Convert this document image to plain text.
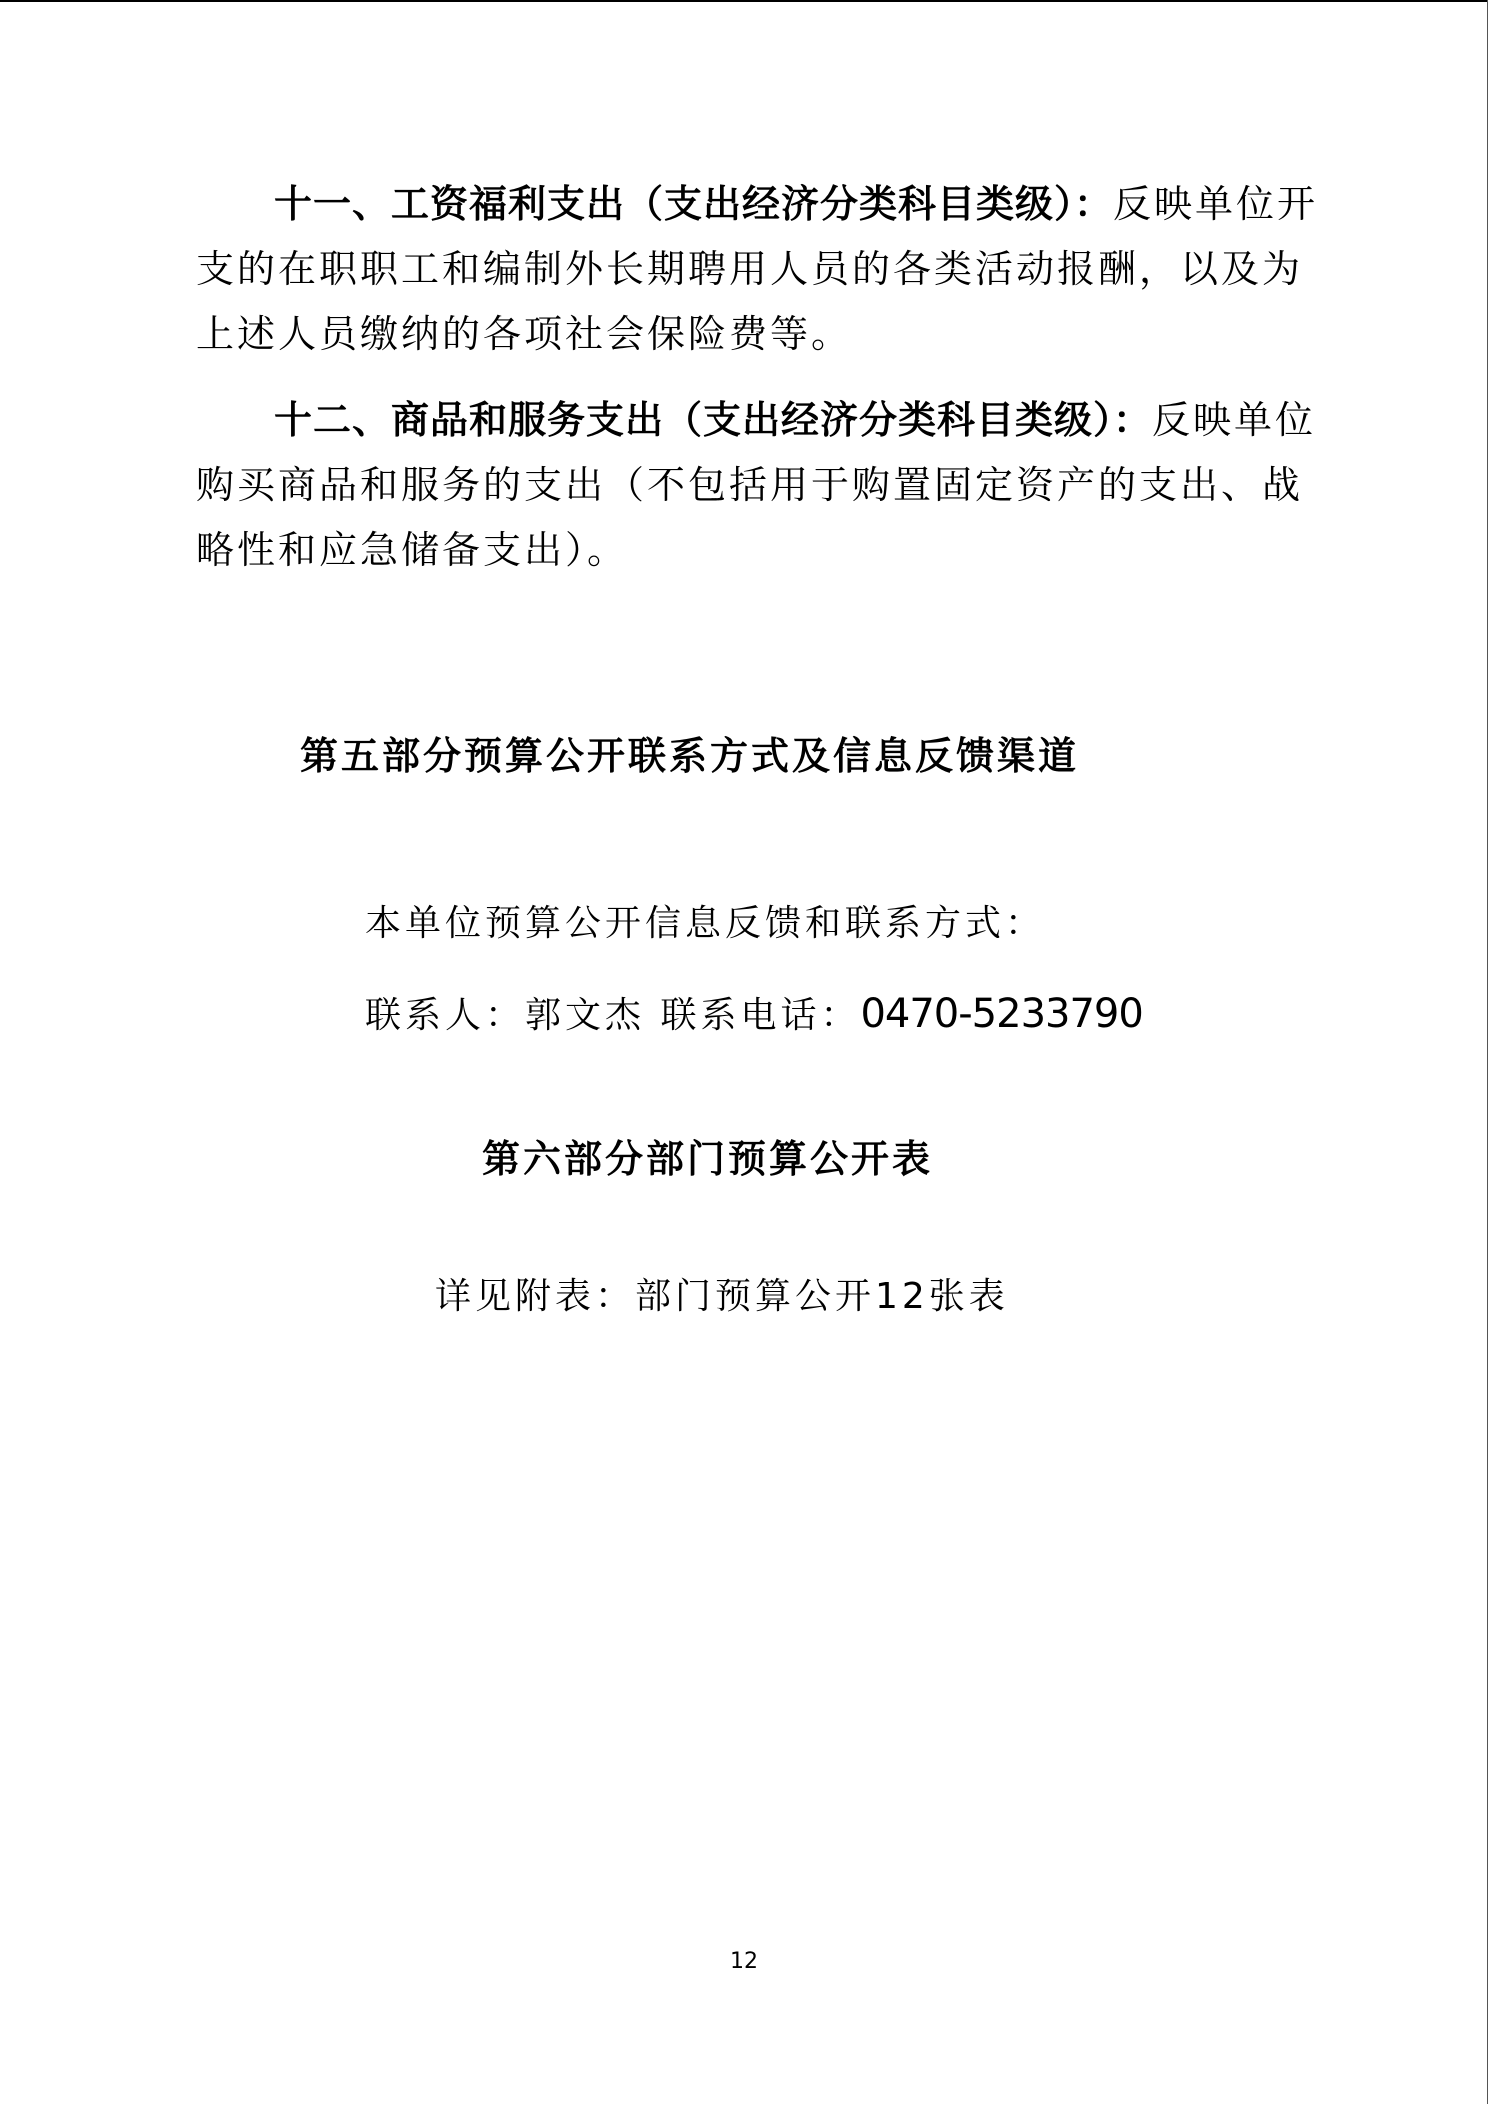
十一、工资福利支出（支出经济分类科目类级）：反映单位开支的在职职工和编制外长期聘用人员的各类活动报酬，以及为上述人员缴纳的各项社会保险费等。

十二、商品和服务支出（支出经济分类科目类级）：反映单位购买商品和服务的支出（不包括用于购置固定资产的支出、战略性和应急储备支出）。

第五部分预算公开联系方式及信息反馈渠道

本单位预算公开信息反馈和联系方式：

联系人：郭文杰 联系电话：0470-5233790

第六部分部门预算公开表

详见附表：部门预算公开12张表

12
